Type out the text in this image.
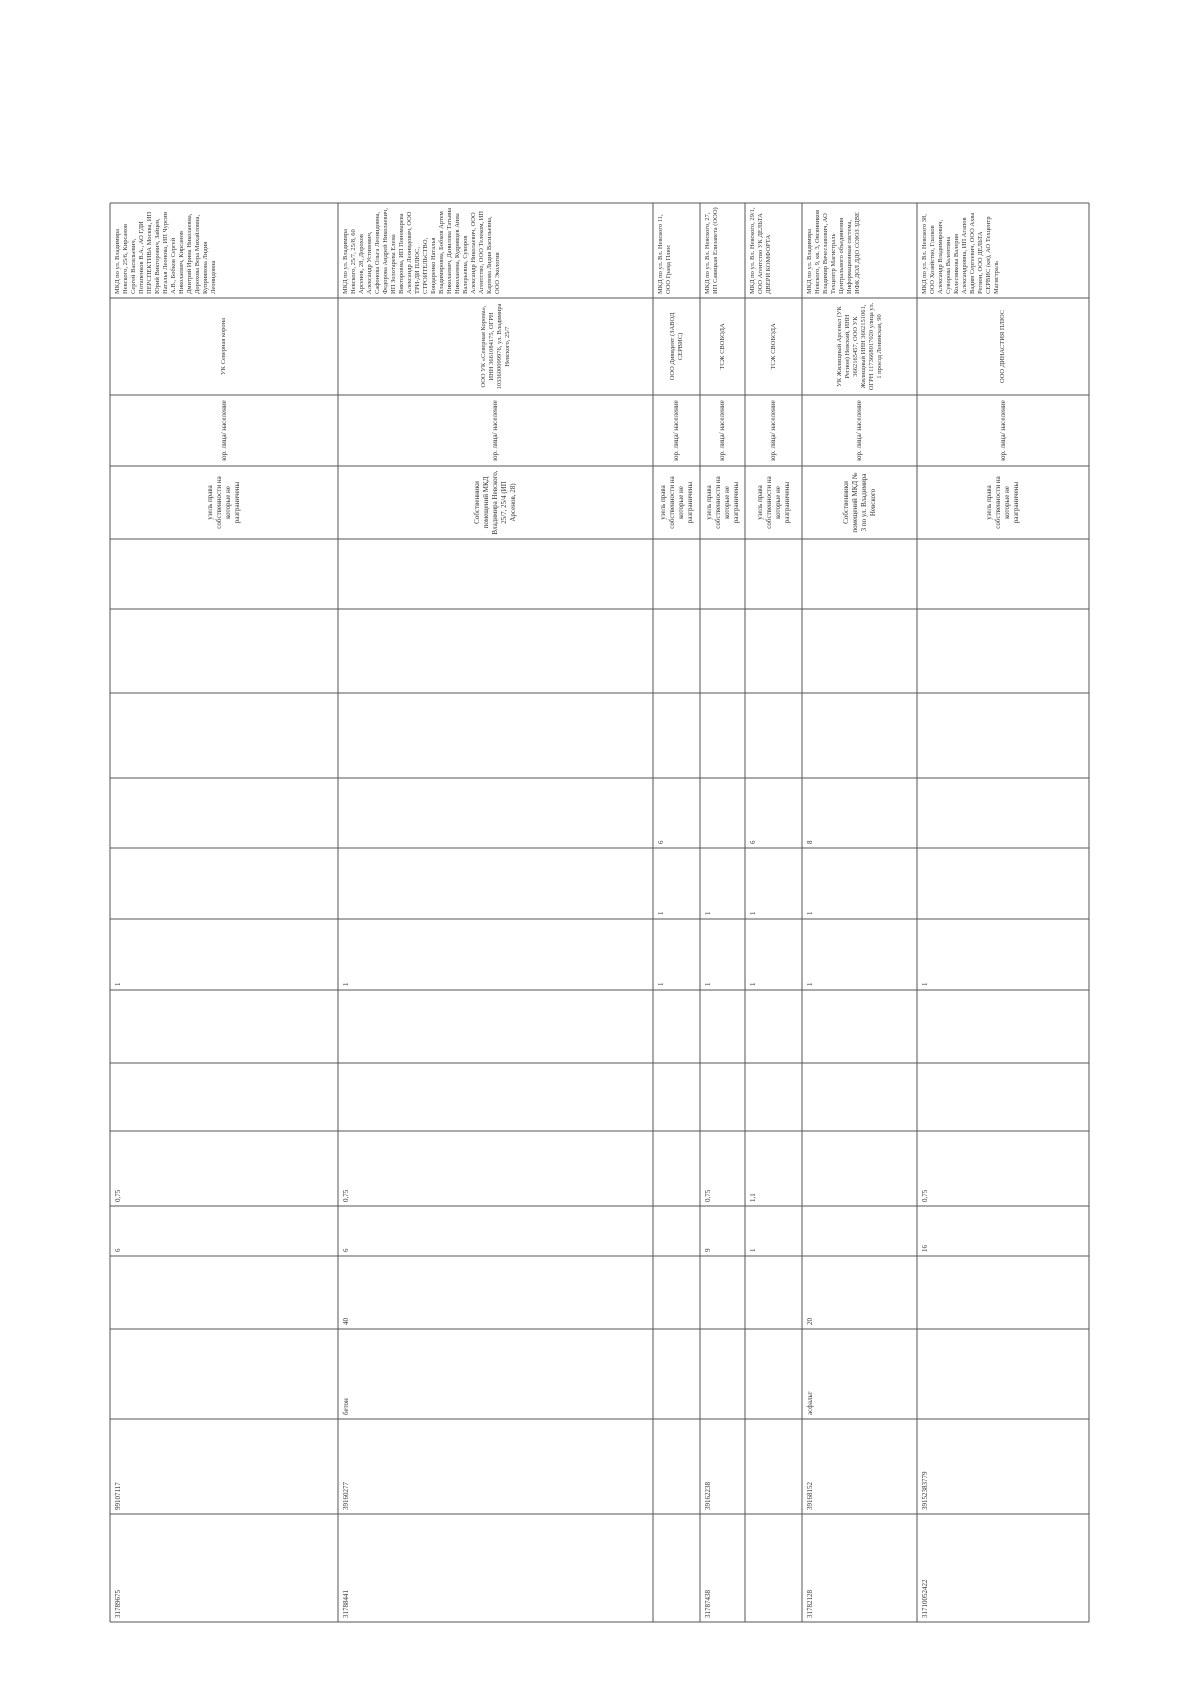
МКД по ул. Владимира Невского, 25/6, Кирсанов Сергей Васильевич, Потапенков В.А., АО ГДИ ПЕРСПЕКТИВА Москва, ИП Юрий Викторович, Зайцев, Наталья Леонова, ИП Чурсин А.В., Бобков Сергей Николаевич, Кирсанов Дмитрий Ирина Николаевна, Дорохова Вера Михайловна, Куприянова Лидия Леонидовна
УК Северная корона
юр. лица/ население
узель права собственности на которые не разграничены
1
0,75
6
99107117
31789675
МКД по ул. Владимира Невского, 25/7, 25/8, 60 Арсенов, 28, Дорохов Александр Устинович, Сафонова Ольга Леонидовна, Федорова Андрей Николаевич, ИП Золотарева Елена Викторовна, ИП Пономарева Александр Леонидович, ООО ТРИ-ДИ ПЛЮС, СТРОИТЕЛЬСТВО, Бондаренко Наталья Владимировна, Бобков Артем Николаевич, Данилова Татьяна Николаевна, Кудрявцев Анна Валерьевна, Суворов Александр Николаевич, ООО Агентство, ООО Телеком, ИП Карпова Лидия Васильевна, ООО Экология
ООО УК «Северная Корона», ИНН 3661084175, ОГРН 1033600099976, ул. Владимира Невского, 25/7
юр. лица/ население
Собственники помещений МКД Владимира Невского, 25/7, 25/4 (ИП Арсенов, 28)
1
0,75
6
40
бетон
39160277
31788441
МКД по ул. Вл. Невского 11, ООО Гранд Плюс
ООО Дивидент (ЗАВОД СЕРВИС)
юр. лица/ население
узель права собственности на которые не разграничены
6
1
1
МКД по ул. Вл. Невского, 27, ИП Савицкая Елизавета (ООО)
ТСЖ СВОБОДА
юр. лица/ население
узель права собственности на которые не разграничены
1
1
0,75
9
39162238
31787438
МКД по ул. Вл. Невского, 29/1, ООО Агентство УК ДЕЛЬТА ДВЕРИ КОМФОРТА
ТСЖ СВОБОДА
юр. лица/ население
узель права собственности на которые не разграничены
6
1
1
1,1
1
МКД по ул. Владимира Невского, 9, кв. 3, Овсянников Владимир Вячеславович, АО Техцентр Магистраль Центрального объединения Информационная система, ИФК ДОЛ ДДО СОЮЗ ЗДВЕ
УК Жилищный Арсенал (УК Регион) Невский, ИНН 3662165457, ООО УК Жилищный ИНН 3662151061, ОГРН 1173668017020 улица ул. 1 проезд Ленинская, 90
юр. лица/ население
Собственники помещений МКД № 3 по ул. Владимира Невского
8
1
1
20
асфальт
39168152
31782128
МКД по ул. Вл. Невского 38, ООО Хозяйство, Глазков Александр Владимирович, Суворова Валентина Колесникова Валерия Александровна, ИП Агапов Вадим Сергеевич, ООО Ахва Регион, ООО ДЕЛЬТА СЕРВИС (кн), АО Техцентр Магистраль
ООО ДИНАСТИЯ ПЛЮС
юр. лица/ население
узель права собственности на которые не разграничены
1
0,75
16
39152383779
31710052422
